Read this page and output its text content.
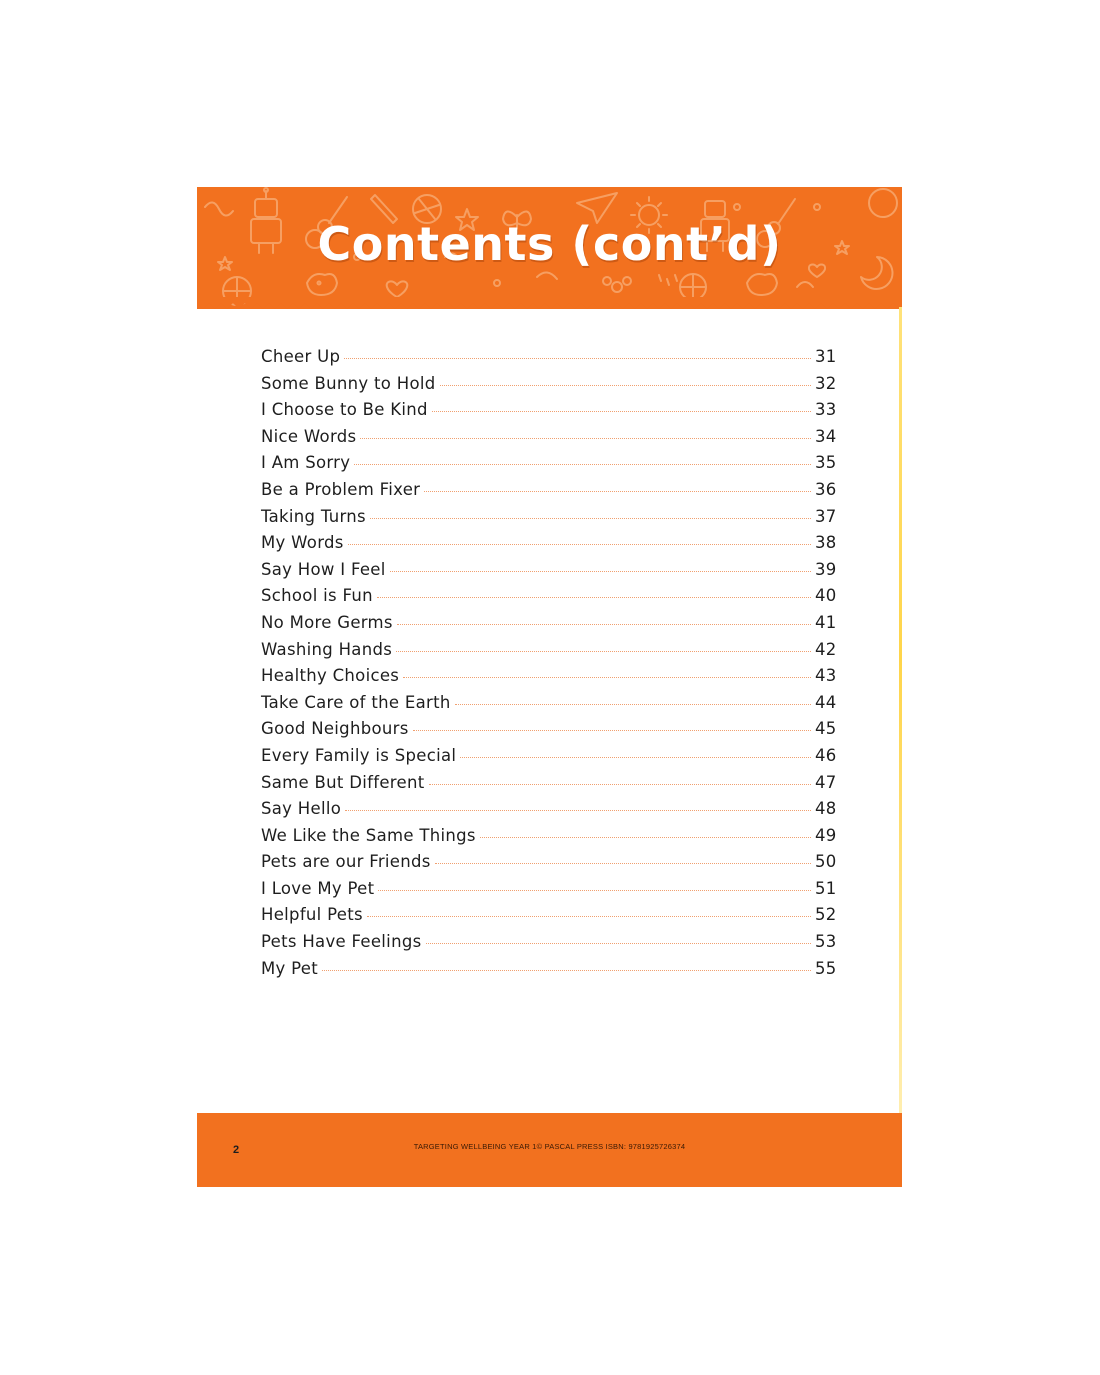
Contents (cont’d)
Cheer Up	31
Some Bunny to Hold	32
I Choose to Be Kind	33
Nice Words	34
I Am Sorry	35
Be a Problem Fixer	36
Taking Turns	37
My Words	38
Say How I Feel	39
School is Fun	40
No More Germs	41
Washing Hands	42
Healthy Choices	43
Take Care of the Earth	44
Good Neighbours	45
Every Family is Special	46
Same But Different	47
Say Hello	48
We Like the Same Things	49
Pets are our Friends	50
I Love My Pet	51
Helpful Pets	52
Pets Have Feelings	53
My Pet	55
2	TARGETING WELLBEING YEAR 1© PASCAL PRESS ISBN: 9781925726374
